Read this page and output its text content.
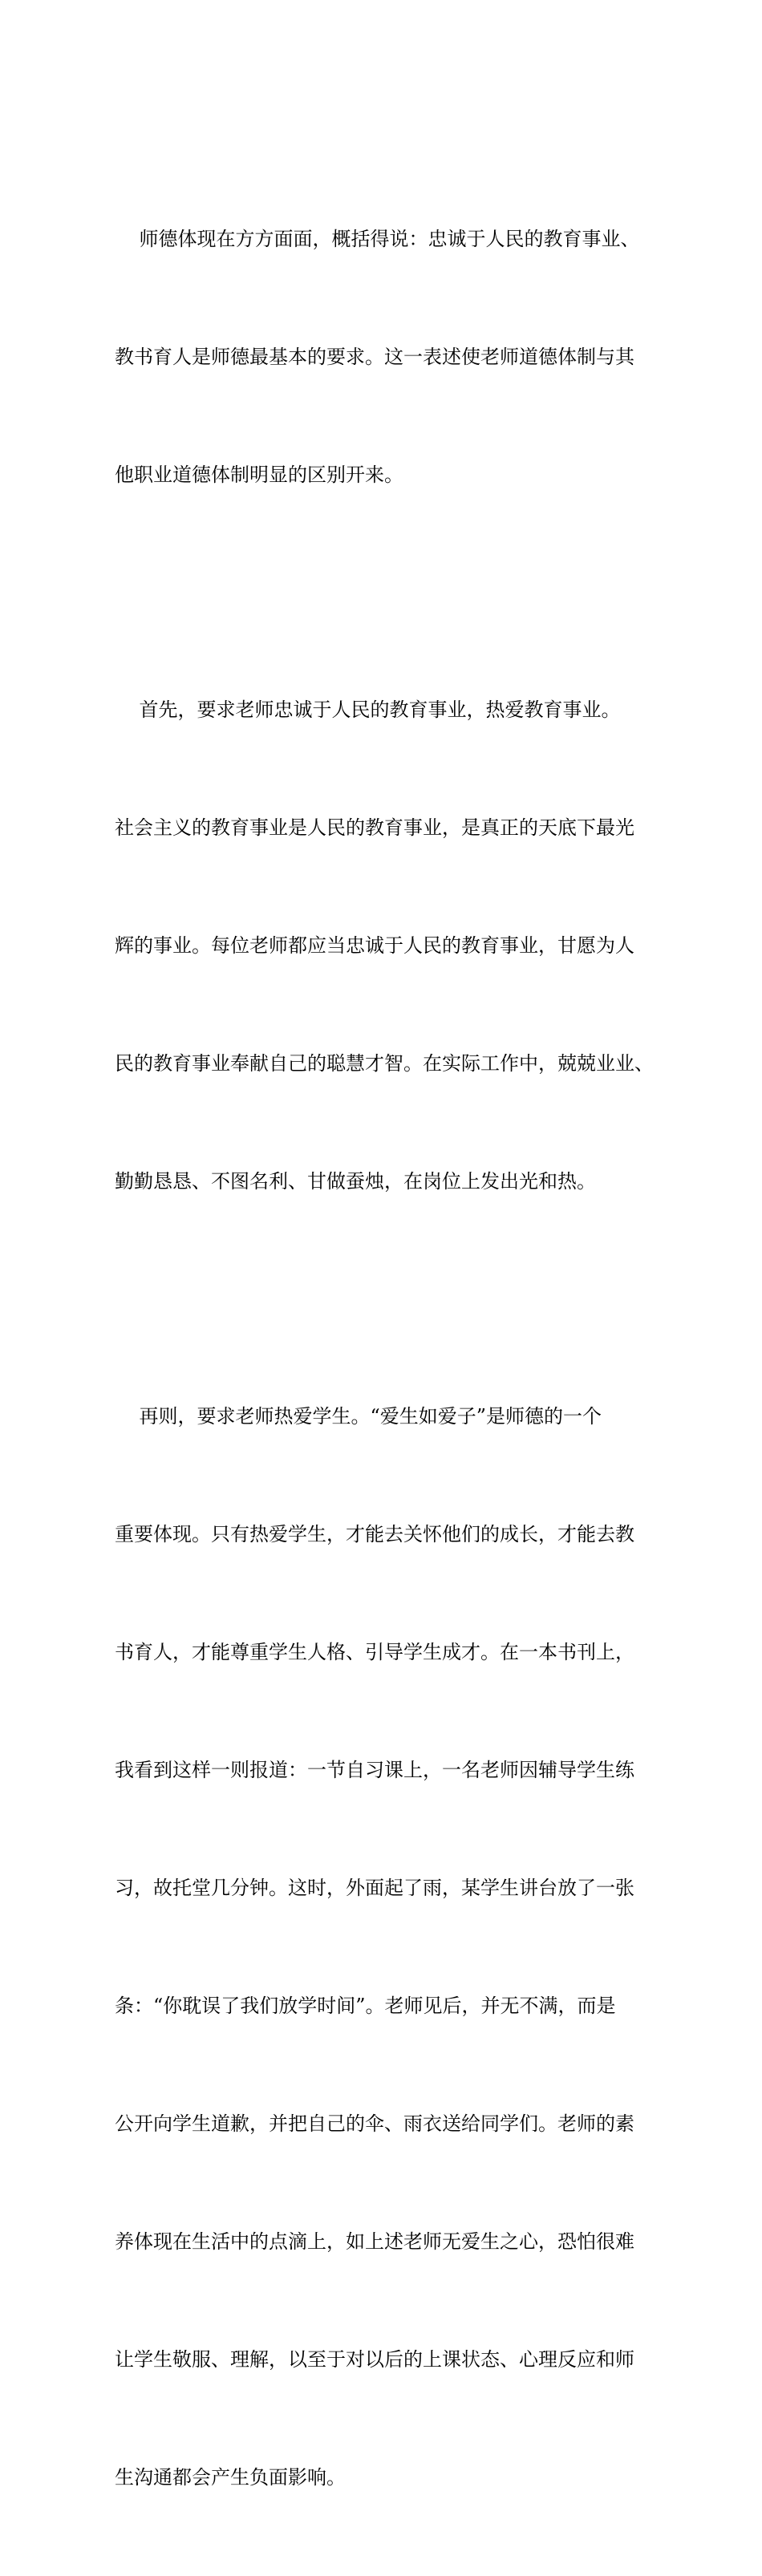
师德体现在方方面面，概括得说：忠诚于人民的教育事业、

教书育人是师德最基本的要求。这一表述使老师道德体制与其

他职业道德体制明显的区别开来。

首先，要求老师忠诚于人民的教育事业，热爱教育事业。

社会主义的教育事业是人民的教育事业，是真正的天底下最光

辉的事业。每位老师都应当忠诚于人民的教育事业，甘愿为人

民的教育事业奉献自己的聪慧才智。在实际工作中，兢兢业业、

勤勤恳恳、不图名利、甘做蚕烛，在岗位上发出光和热。

再则，要求老师热爱学生。“爱生如爱子”是师德的一个

重要体现。只有热爱学生，才能去关怀他们的成长，才能去教

书育人，才能尊重学生人格、引导学生成才。在一本书刊上，

我看到这样一则报道：一节自习课上，一名老师因辅导学生练

习，故托堂几分钟。这时，外面起了雨，某学生讲台放了一张

条：“你耽误了我们放学时间”。老师见后，并无不满，而是

公开向学生道歉，并把自己的伞、雨衣送给同学们。老师的素

养体现在生活中的点滴上，如上述老师无爱生之心，恐怕很难

让学生敬服、理解，以至于对以后的上课状态、心理反应和师

生沟通都会产生负面影响。
